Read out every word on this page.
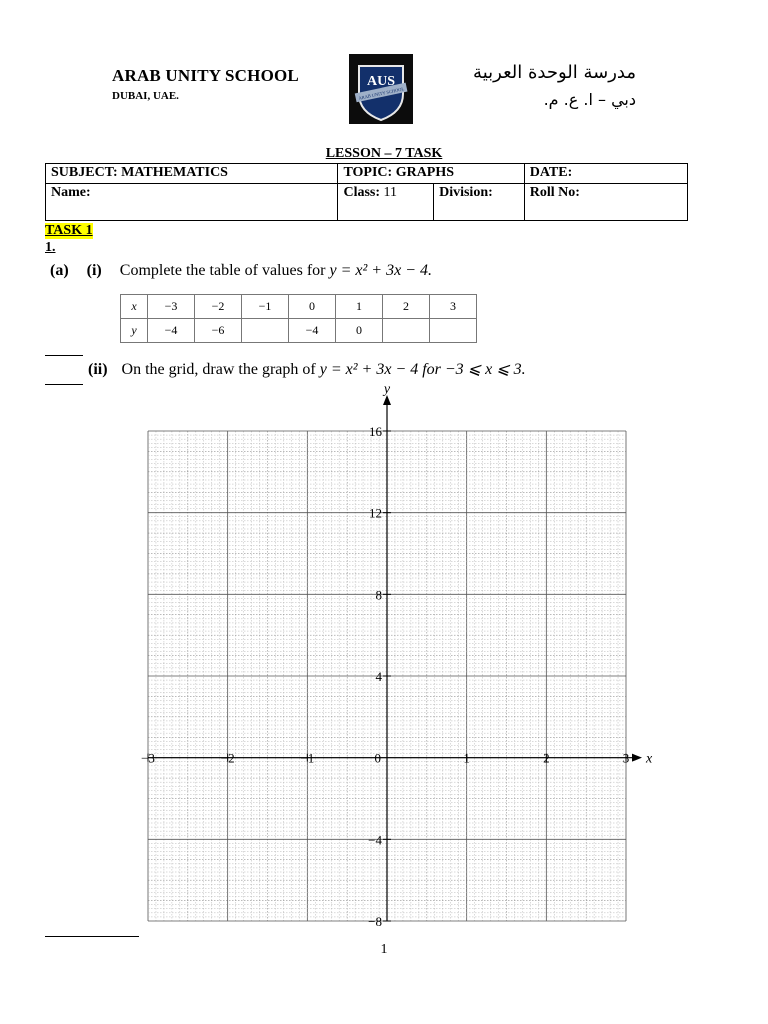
ARAB UNITY SCHOOL
DUBAI, UAE.
AUS
ARAB UNITY SCHOOL
مدرسة الوحدة العربية
دبي – ا. ع. م.
LESSON – 7 TASK
SUBJECT: MATHEMATICS	TOPIC: GRAPHS		DATE:
Name:	Class: 11	Division:	Roll No:
TASK 1
1.
(a) (i) Complete the table of values for y = x² + 3x − 4.
x	−3	−2	−1	0	1	2	3
y	−4	−6		−4	0		
(ii) On the grid, draw the graph of y = x² + 3x − 4 for −3 ⩽ x ⩽ 3.
−3	−2	−1	0	1	2	3
16
12
8
4
−4
−8
x
y
1
